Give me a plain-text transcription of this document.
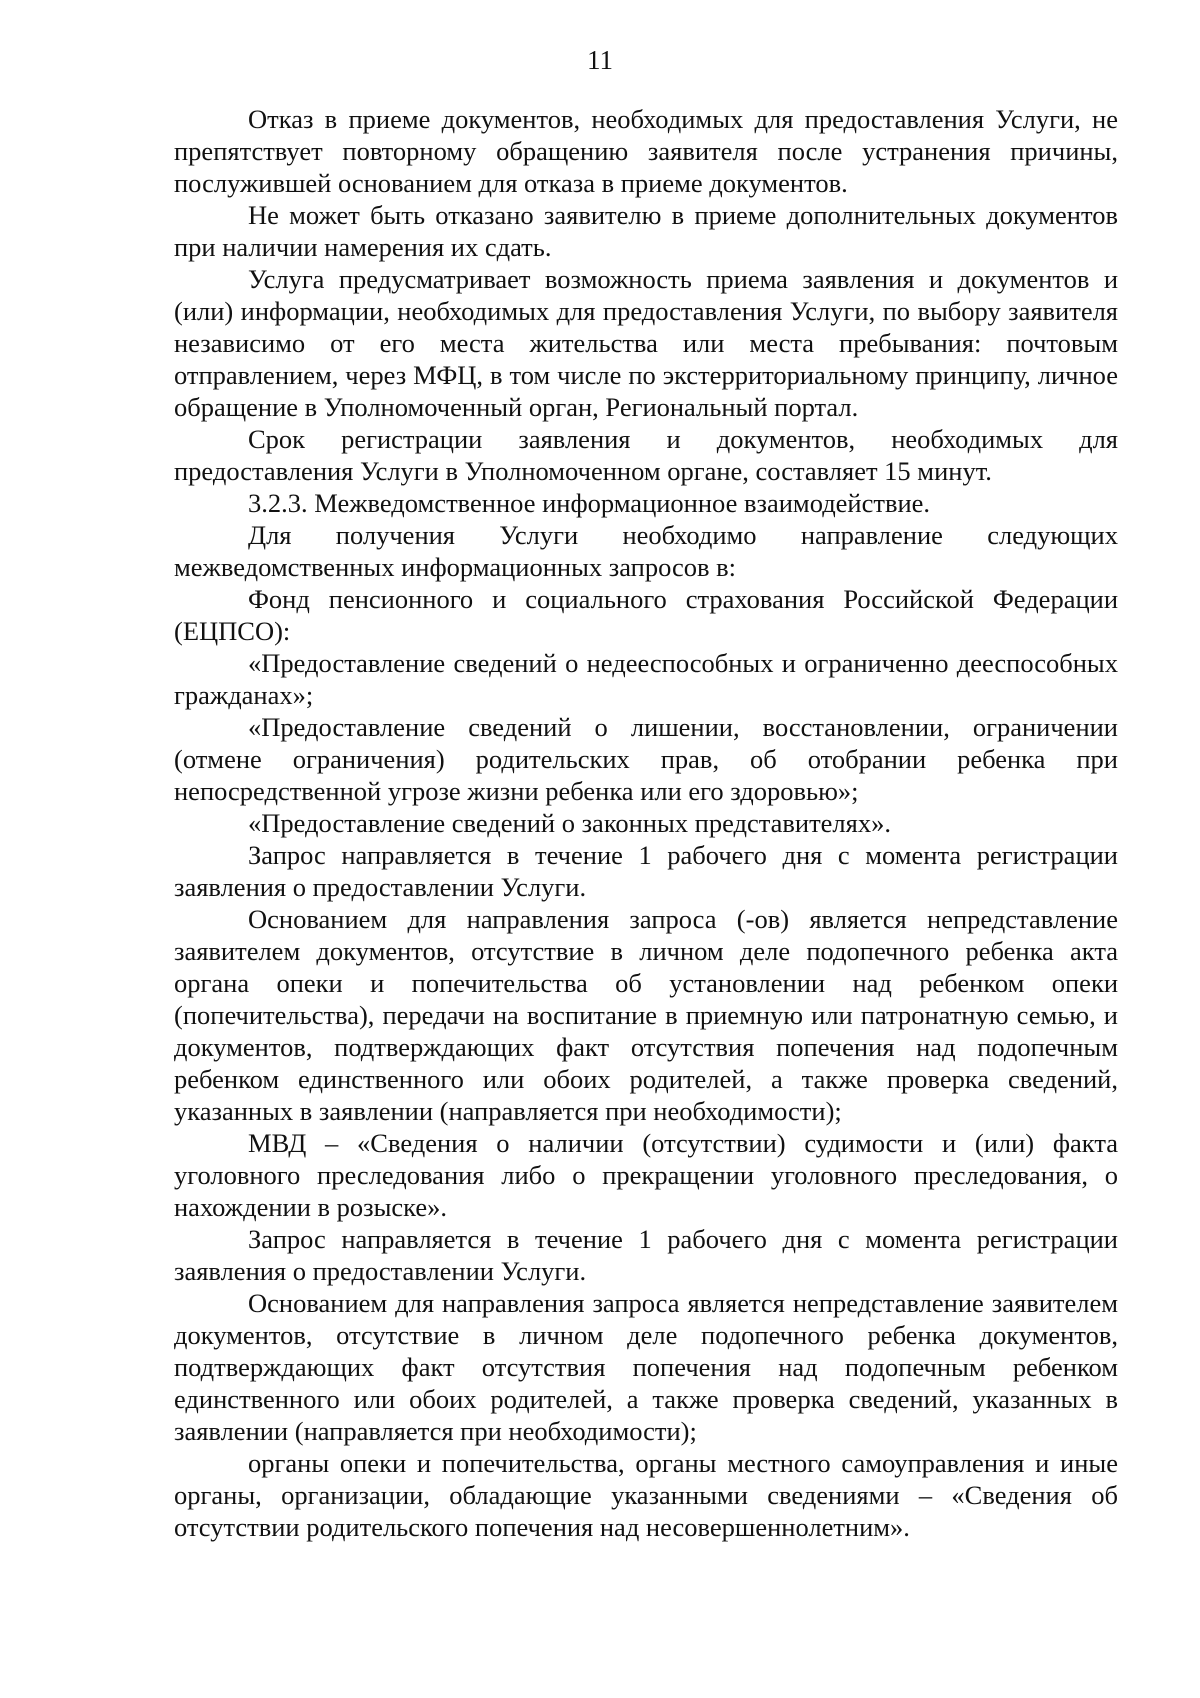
11

Отказ в приеме документов, необходимых для предоставления Услуги, не препятствует повторному обращению заявителя после устранения причины, послужившей основанием для отказа в приеме документов.

Не может быть отказано заявителю в приеме дополнительных документов при наличии намерения их сдать.

Услуга предусматривает возможность приема заявления и документов и (или) информации, необходимых для предоставления Услуги, по выбору заявителя независимо от его места жительства или места пребывания: почтовым отправлением, через МФЦ, в том числе по экстерриториальному принципу, личное обращение в Уполномоченный орган, Региональный портал.

Срок регистрации заявления и документов, необходимых для предоставления Услуги в Уполномоченном органе, составляет 15 минут.

3.2.3. Межведомственное информационное взаимодействие.

Для получения Услуги необходимо направление следующих межведомственных информационных запросов в:

Фонд пенсионного и социального страхования Российской Федерации (ЕЦПСО):

«Предоставление сведений о недееспособных и ограниченно дееспособных гражданах»;

«Предоставление сведений о лишении, восстановлении, ограничении (отмене ограничения) родительских прав, об отобрании ребенка при непосредственной угрозе жизни ребенка или его здоровью»;

«Предоставление сведений о законных представителях».

Запрос направляется в течение 1 рабочего дня с момента регистрации заявления о предоставлении Услуги.

Основанием для направления запроса (-ов) является непредставление заявителем документов, отсутствие в личном деле подопечного ребенка акта органа опеки и попечительства об установлении над ребенком опеки (попечительства), передачи на воспитание в приемную или патронатную семью, и документов, подтверждающих факт отсутствия попечения над подопечным ребенком единственного или обоих родителей, а также проверка сведений, указанных в заявлении (направляется при необходимости);

МВД – «Сведения о наличии (отсутствии) судимости и (или) факта уголовного преследования либо о прекращении уголовного преследования, о нахождении в розыске».

Запрос направляется в течение 1 рабочего дня с момента регистрации заявления о предоставлении Услуги.

Основанием для направления запроса является непредставление заявителем документов, отсутствие в личном деле подопечного ребенка документов, подтверждающих факт отсутствия попечения над подопечным ребенком единственного или обоих родителей, а также проверка сведений, указанных в заявлении (направляется при необходимости);

органы опеки и попечительства, органы местного самоуправления и иные органы, организации, обладающие указанными сведениями – «Сведения об отсутствии родительского попечения над несовершеннолетним».
